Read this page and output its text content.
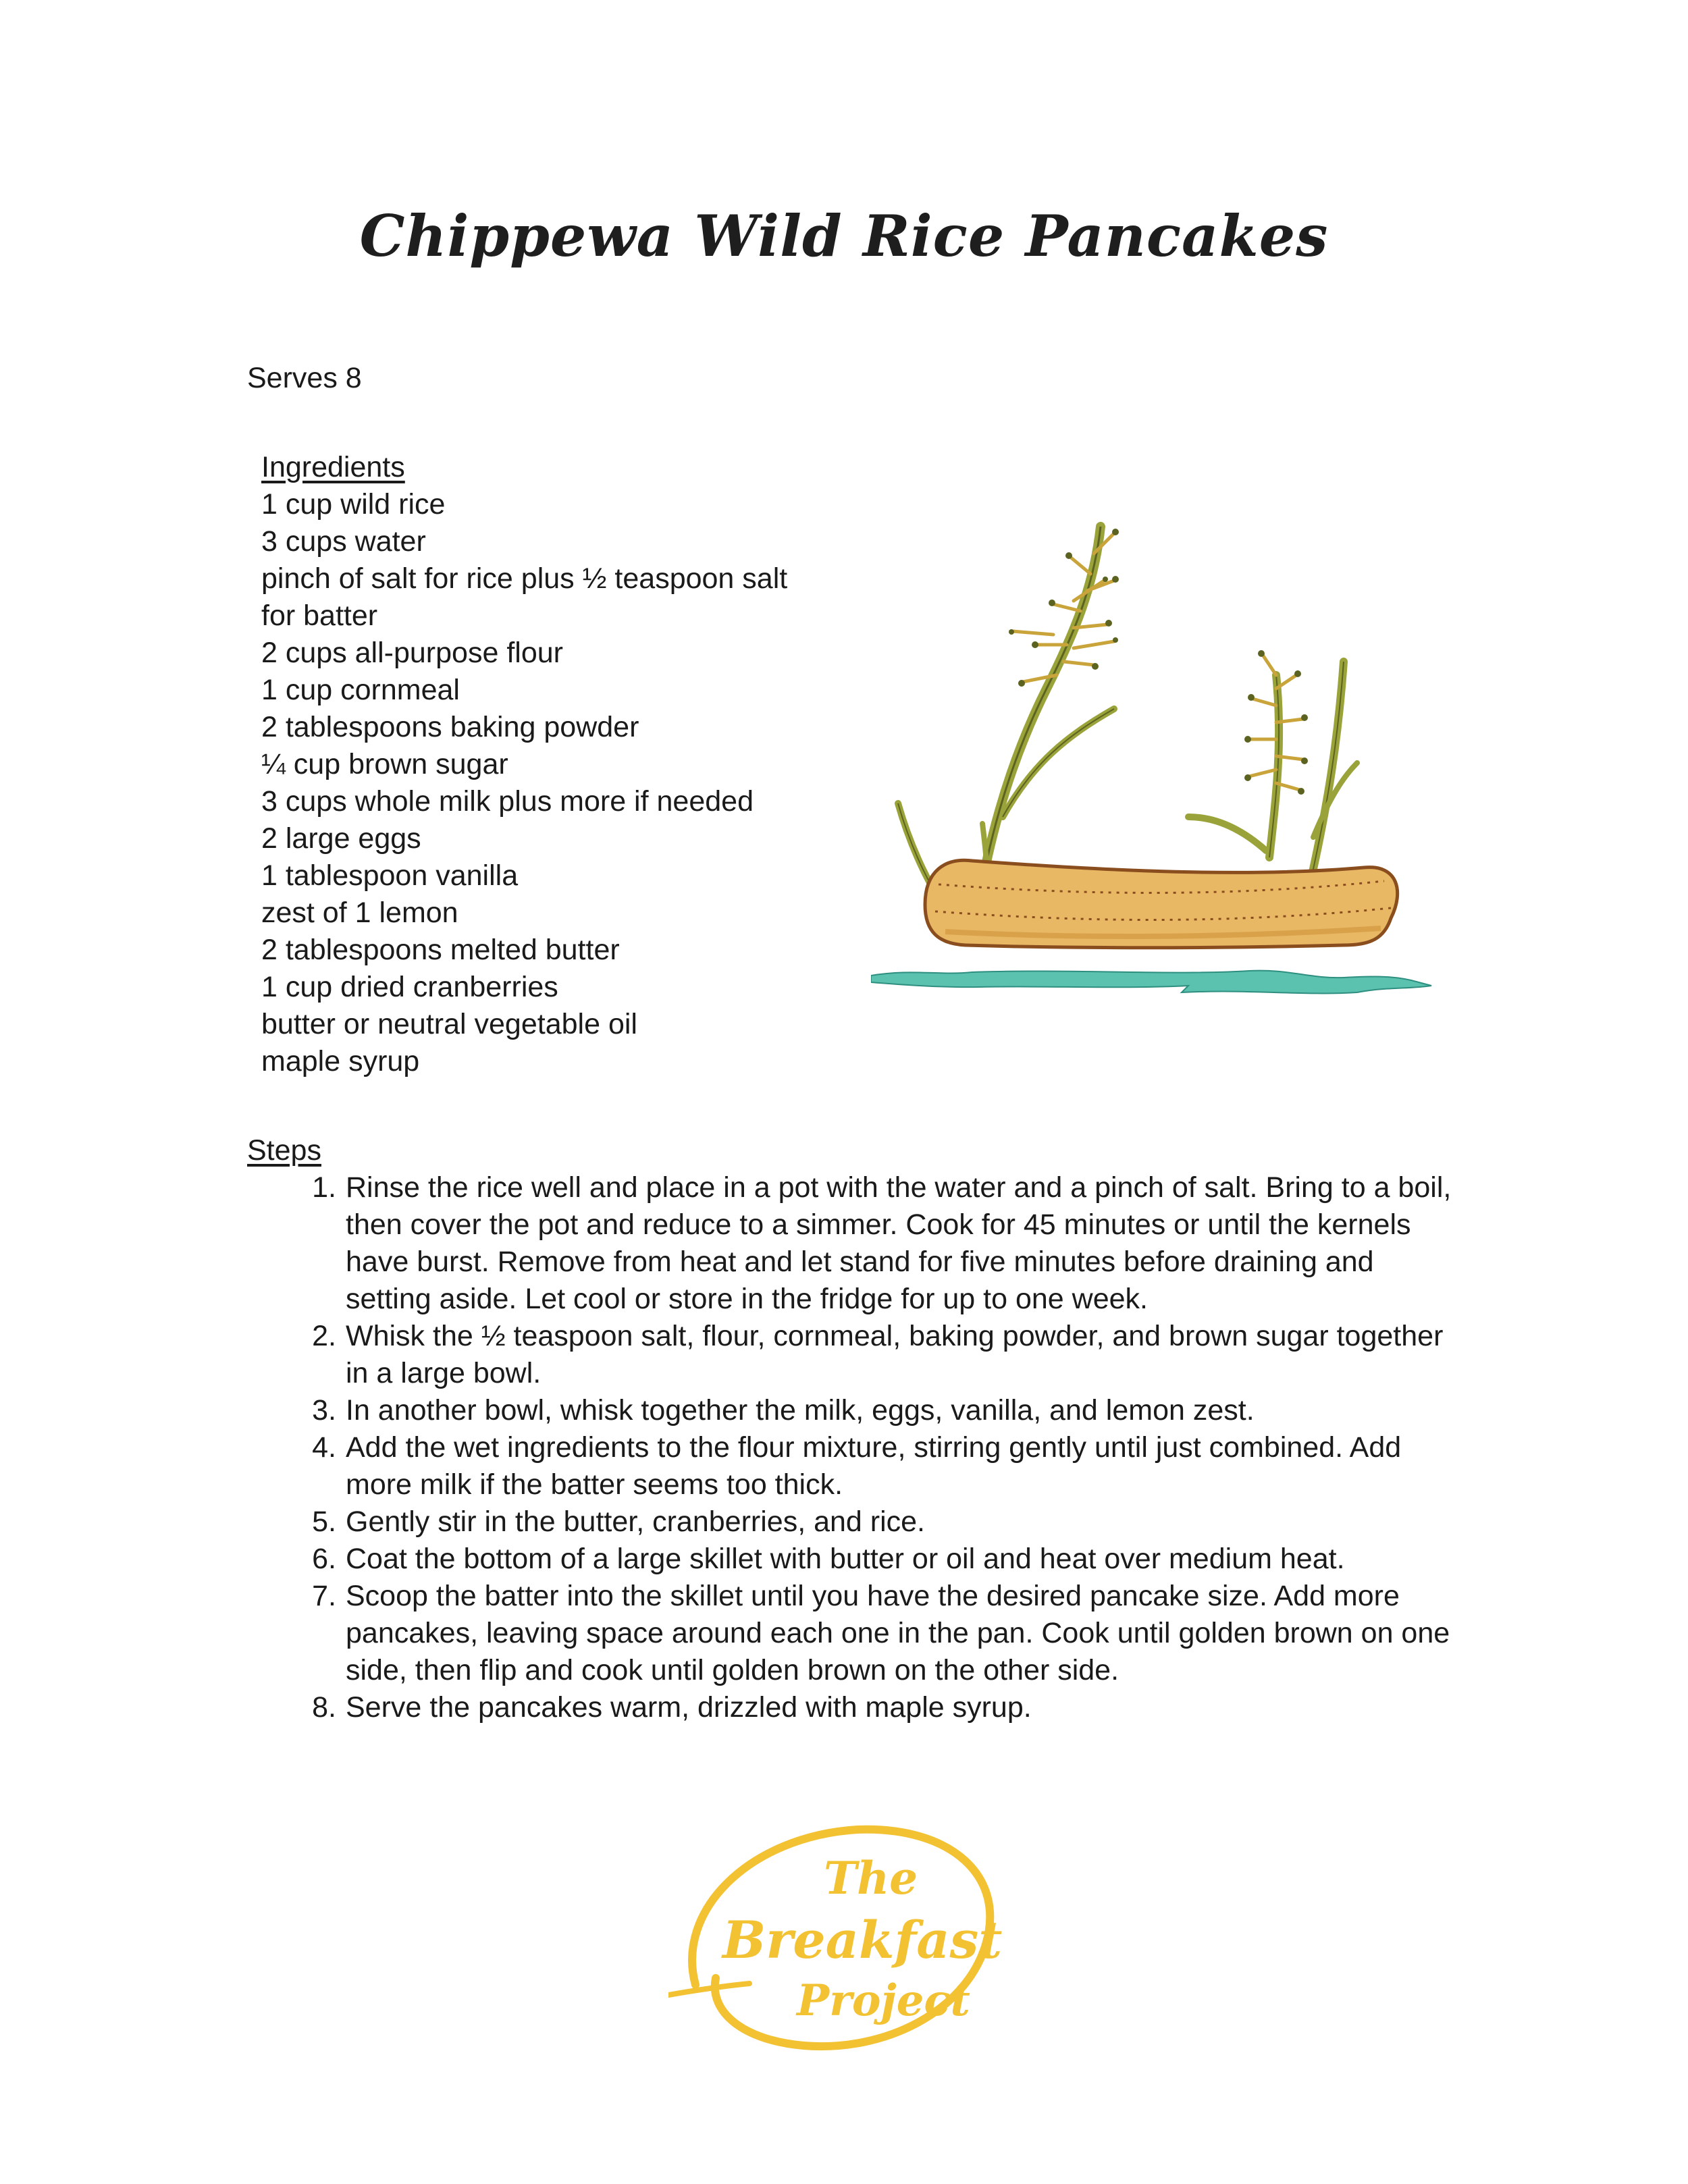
Chippewa Wild Rice Pancakes

Serves 8

Ingredients

1 cup wild rice
3 cups water
pinch of salt for rice plus ½ teaspoon salt
for batter
2 cups all-purpose flour
1 cup cornmeal
2 tablespoons baking powder
¼ cup brown sugar
3 cups whole milk plus more if needed
2 large eggs
1 tablespoon vanilla
zest of 1 lemon
2 tablespoons melted butter
1 cup dried cranberries
butter or neutral vegetable oil
maple syrup

Steps

1. Rinse the rice well and place in a pot with the water and a pinch of salt. Bring to a boil, then cover the pot and reduce to a simmer. Cook for 45 minutes or until the kernels have burst. Remove from heat and let stand for five minutes before draining and setting aside. Let cool or store in the fridge for up to one week.
2. Whisk the ½ teaspoon salt, flour, cornmeal, baking powder, and brown sugar together in a large bowl.
3. In another bowl, whisk together the milk, eggs, vanilla, and lemon zest.
4. Add the wet ingredients to the flour mixture, stirring gently until just combined. Add more milk if the batter seems too thick.
5. Gently stir in the butter, cranberries, and rice.
6. Coat the bottom of a large skillet with butter or oil and heat over medium heat.
7. Scoop the batter into the skillet until you have the desired pancake size. Add more pancakes, leaving space around each one in the pan. Cook until golden brown on one side, then flip and cook until golden brown on the other side.
8. Serve the pancakes warm, drizzled with maple syrup.
The
Breakfast
Project
